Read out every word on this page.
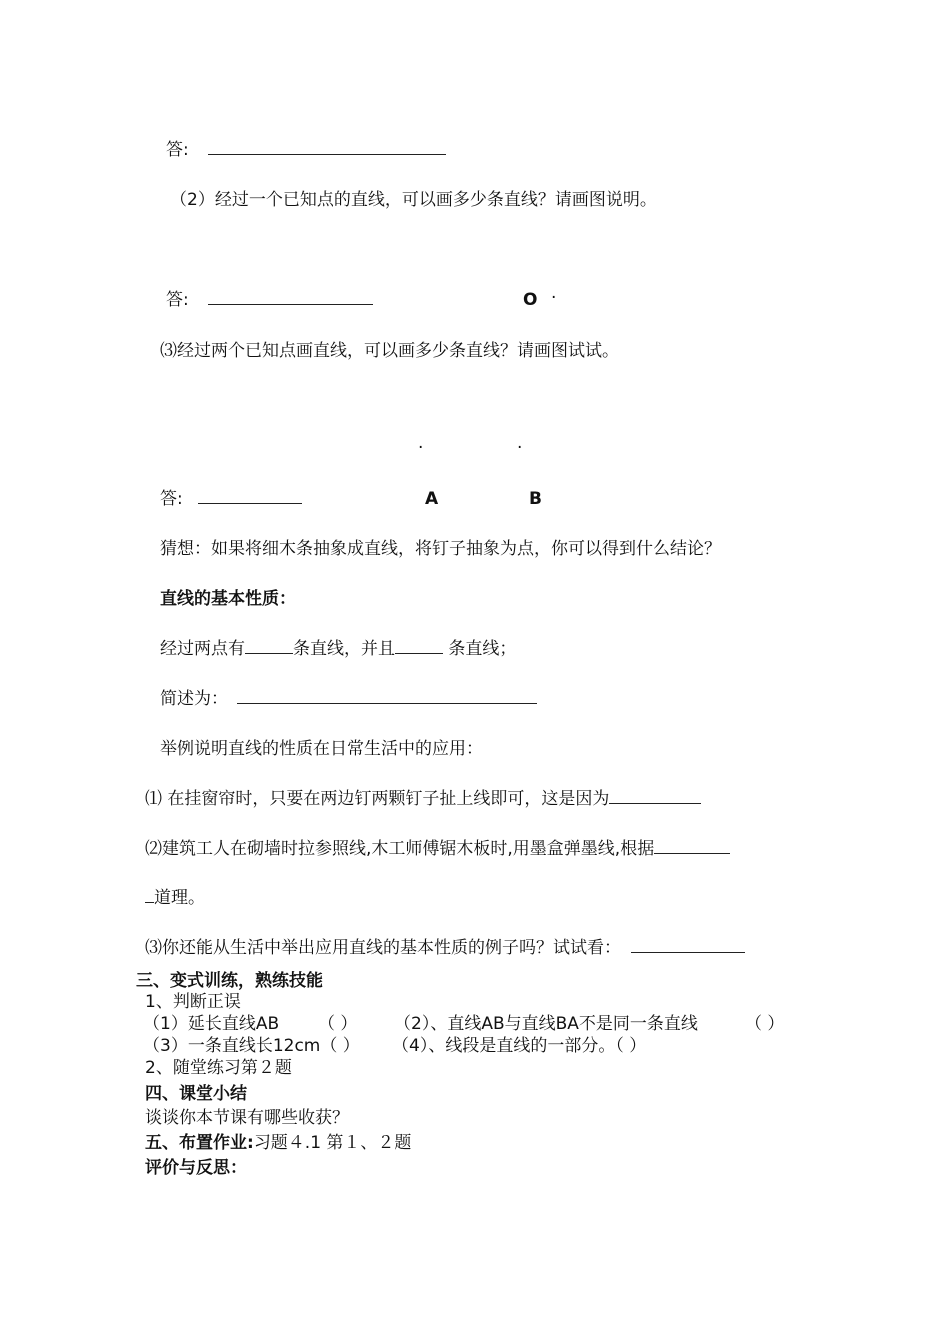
答:
（2）经过一个已知点的直线，可以画多少条直线？请画图说明。
答:	O ·
⑶经过两个已知点画直线，可以画多少条直线？请画图试试。
·	·
答:	A	B
猜想：如果将细木条抽象成直线，将钉子抽象为点，你可以得到什么结论？
直线的基本性质：
经过两点有	条直线，并且	条直线；
简述为：
举例说明直线的性质在日常生活中的应用：
⑴ 在挂窗帘时，只要在两边钉两颗钉子扯上线即可，这是因为
⑵建筑工人在砌墙时拉参照线,木工师傅锯木板时,用墨盒弹墨线,根据
道理。
⑶你还能从生活中举出应用直线的基本性质的例子吗？试试看：
三、变式训练，熟练技能
1、判断正误
（1）延长直线AB （ ） （2）、直线AB与直线BA不是同一条直线	（ ）
（3）一条直线长12cm（ ） （4）、线段是直线的一部分。（ ）
2、随堂练习第２题
四、课堂小结
谈谈你本节课有哪些收获？
五、布置作业:习题４.1 第１、２题
评价与反思：
